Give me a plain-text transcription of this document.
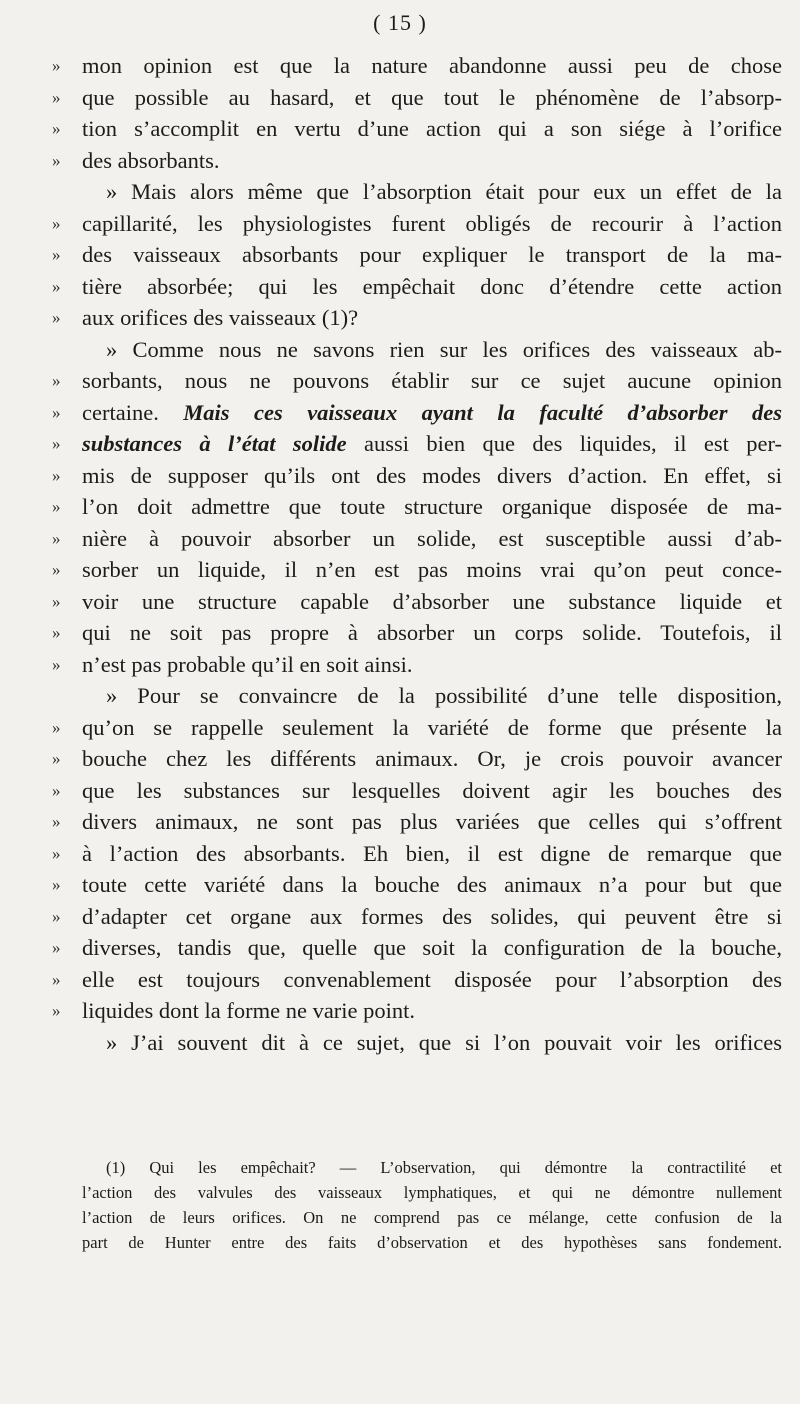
( 15 )
» mon opinion est que la nature abandonne aussi peu de chose
» que possible au hasard, et que tout le phénomène de l’absorp-
» tion s’accomplit en vertu d’une action qui a son siége à l’orifice
» des absorbants.
» Mais alors même que l’absorption était pour eux un effet de la
» capillarité, les physiologistes furent obligés de recourir à l’action
» des vaisseaux absorbants pour expliquer le transport de la ma-
» tière absorbée; qui les empêchait donc d’étendre cette action
» aux orifices des vaisseaux (1)?
» Comme nous ne savons rien sur les orifices des vaisseaux ab-
» sorbants, nous ne pouvons établir sur ce sujet aucune opinion
» certaine. Mais ces vaisseaux ayant la faculté d’absorber des
» substances à l’état solide aussi bien que des liquides, il est per-
» mis de supposer qu’ils ont des modes divers d’action. En effet, si
» l’on doit admettre que toute structure organique disposée de ma-
» nière à pouvoir absorber un solide, est susceptible aussi d’ab-
» sorber un liquide, il n’en est pas moins vrai qu’on peut conce-
» voir une structure capable d’absorber une substance liquide et
» qui ne soit pas propre à absorber un corps solide. Toutefois, il
» n’est pas probable qu’il en soit ainsi.
» Pour se convaincre de la possibilité d’une telle disposition,
» qu’on se rappelle seulement la variété de forme que présente la
» bouche chez les différents animaux. Or, je crois pouvoir avancer
» que les substances sur lesquelles doivent agir les bouches des
» divers animaux, ne sont pas plus variées que celles qui s’offrent
» à l’action des absorbants. Eh bien, il est digne de remarque que
» toute cette variété dans la bouche des animaux n’a pour but que
» d’adapter cet organe aux formes des solides, qui peuvent être si
» diverses, tandis que, quelle que soit la configuration de la bouche,
» elle est toujours convenablement disposée pour l’absorption des
» liquides dont la forme ne varie point.
» J’ai souvent dit à ce sujet, que si l’on pouvait voir les orifices
(1) Qui les empêchait? — L’observation, qui démontre la contractilité et
l’action des valvules des vaisseaux lymphatiques, et qui ne démontre nullement
l’action de leurs orifices. On ne comprend pas ce mélange, cette confusion de la
part de Hunter entre des faits d’observation et des hypothèses sans fondement.
